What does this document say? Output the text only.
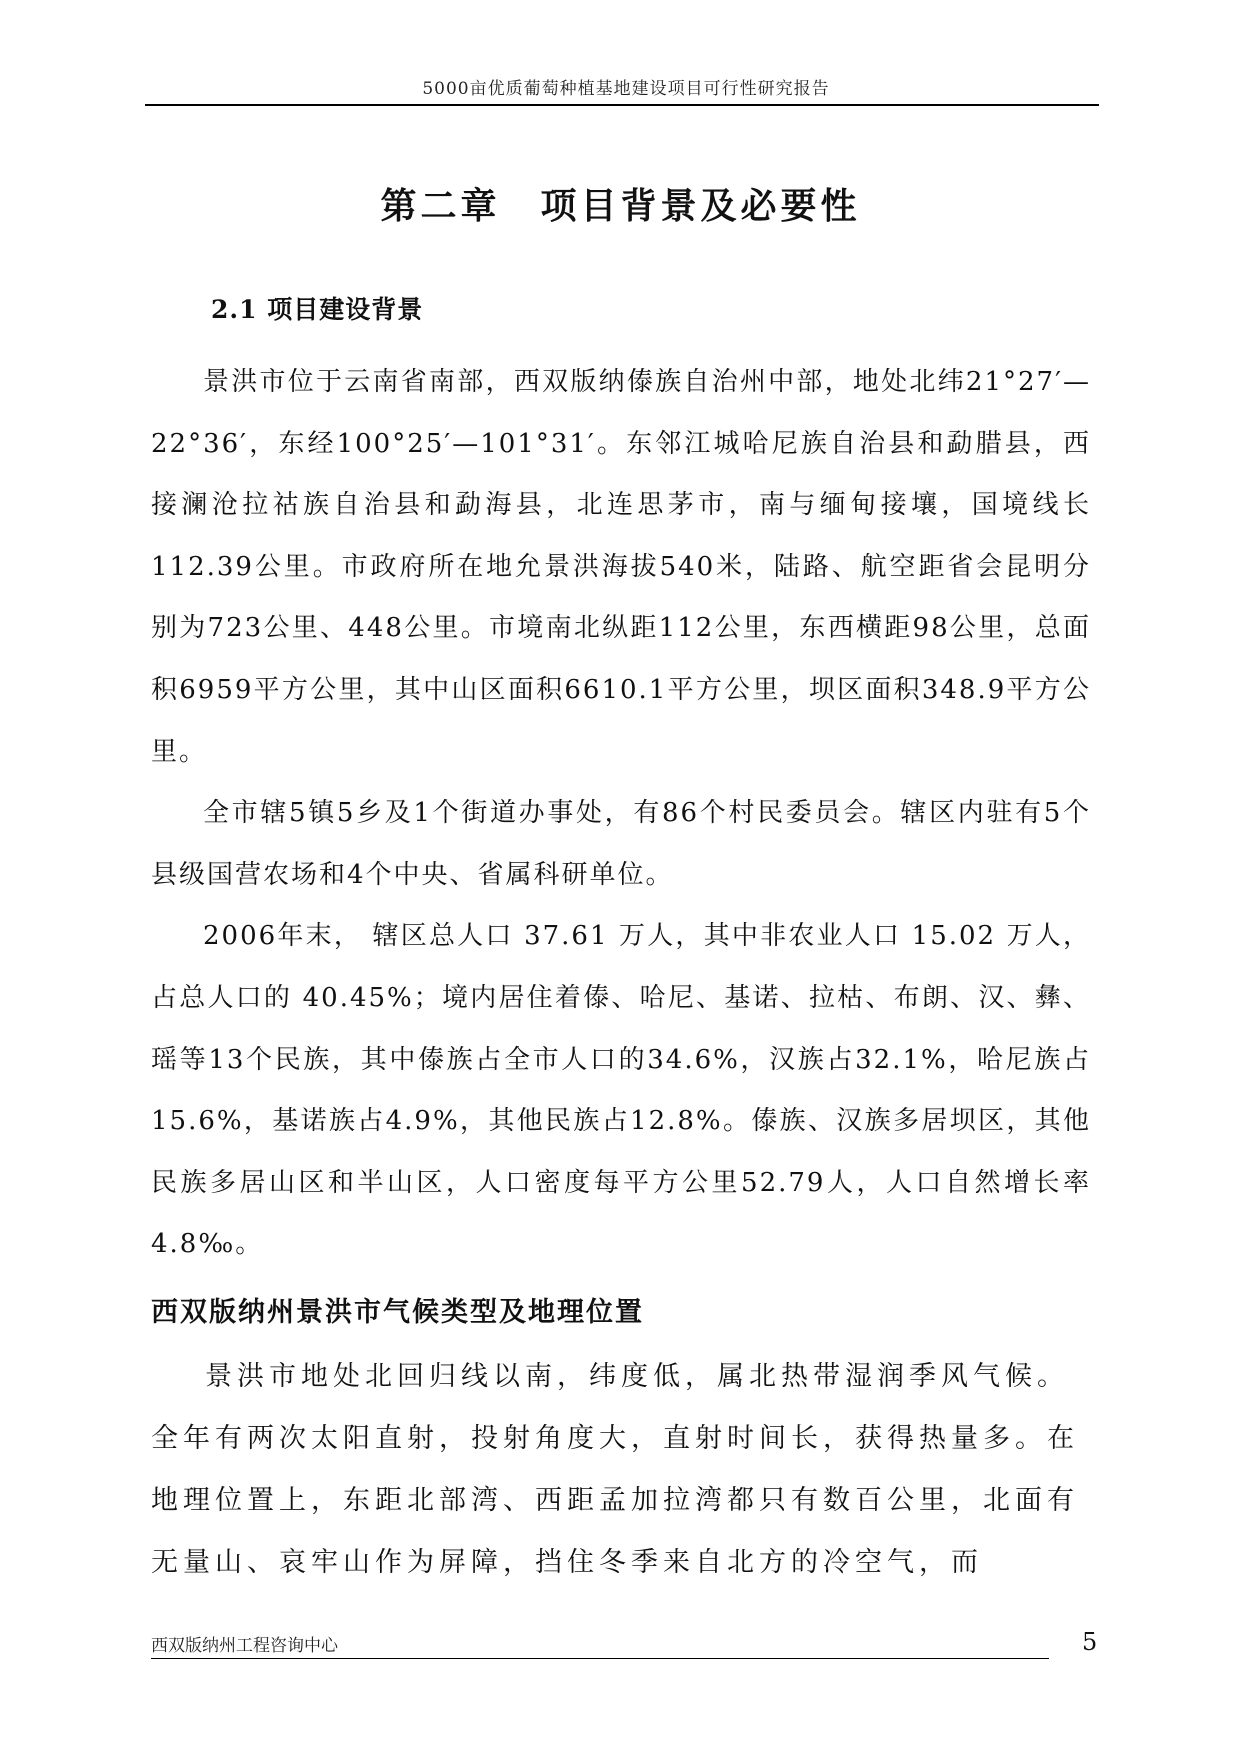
5000亩优质葡萄种植基地建设项目可行性研究报告
第二章　项目背景及必要性
2.1 项目建设背景

景洪市位于云南省南部，西双版纳傣族自治州中部，地处北纬21°27′—22°36′，东经100°25′—101°31′。东邻江城哈尼族自治县和勐腊县，西接澜沧拉祜族自治县和勐海县，北连思茅市，南与缅甸接壤，国境线长112.39公里。市政府所在地允景洪海拔540米，陆路、航空距省会昆明分别为723公里、448公里。市境南北纵距112公里，东西横距98公里，总面积6959平方公里，其中山区面积6610.1平方公里，坝区面积348.9平方公里。

全市辖5镇5乡及1个街道办事处，有86个村民委员会。辖区内驻有5个县级国营农场和4个中央、省属科研单位。

2006年末， 辖区总人口 37.61 万人，其中非农业人口 15.02 万人，占总人口的 40.45%；境内居住着傣、哈尼、基诺、拉枯、布朗、汉、彝、瑶等13个民族，其中傣族占全市人口的34.6%，汉族占32.1%，哈尼族占15.6%，基诺族占4.9%，其他民族占12.8%。傣族、汉族多居坝区，其他民族多居山区和半山区，人口密度每平方公里52.79人，人口自然增长率4.8‰。

西双版纳州景洪市气候类型及地理位置

景洪市地处北回归线以南，纬度低，属北热带湿润季风气候。全年有两次太阳直射，投射角度大，直射时间长，获得热量多。在地理位置上，东距北部湾、西距孟加拉湾都只有数百公里，北面有无量山、哀牢山作为屏障，挡住冬季来自北方的冷空气，而

西双版纳州工程咨询中心	5
